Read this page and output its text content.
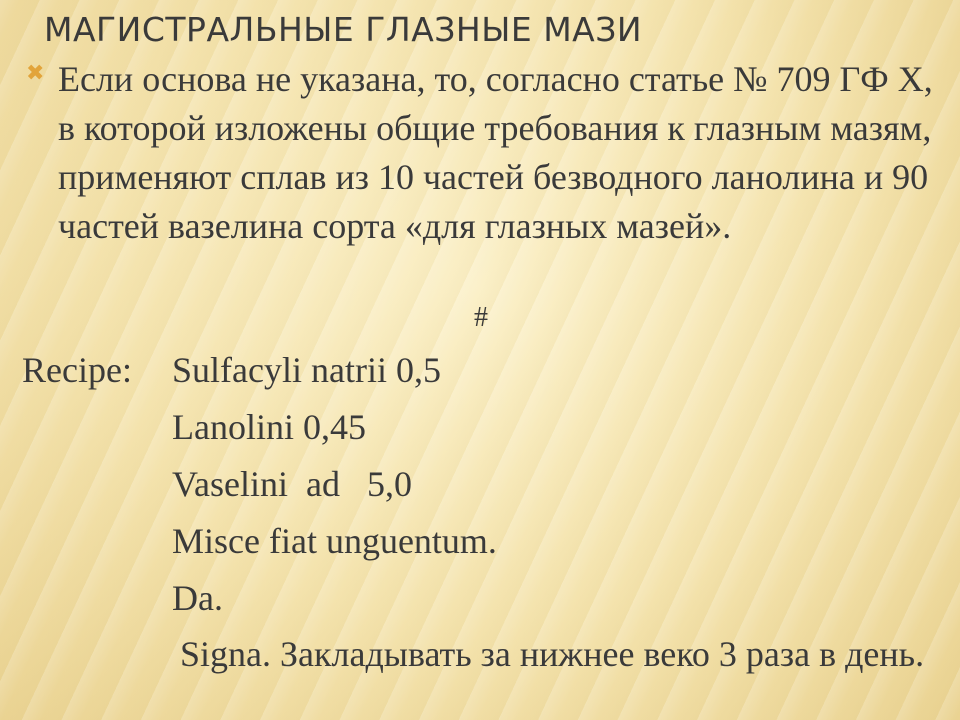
МАГИСТРАЛЬНЫЕ ГЛАЗНЫЕ МАЗИ
✖ Если основа не указана, то, согласно статье № 709 ГФ Х, в которой изложены общие требования к глазным мазям, применяют сплав из 10 частей безводного ланолина и 90 частей вазелина сорта «для глазных мазей».
#
Recipe: Sulfacyli natrii 0,5
Lanolini 0,45
Vaselini  ad   5,0
Misce fiat unguentum.
Da.
Signa. Закладывать за нижнее веко 3 раза в день.
